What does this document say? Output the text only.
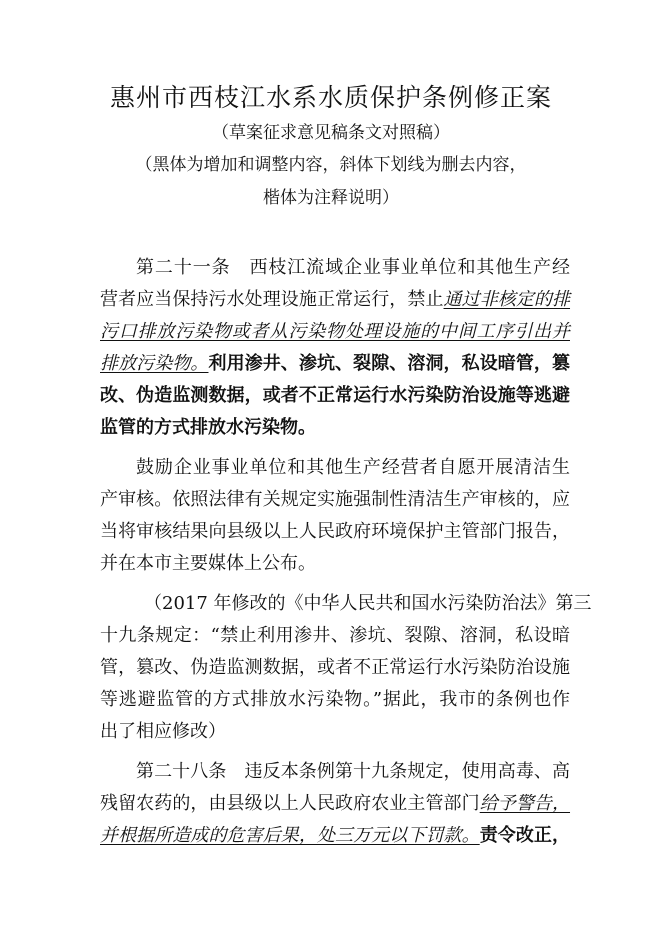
惠州市西枝江水系水质保护条例修正案
（草案征求意见稿条文对照稿）
（黑体为增加和调整内容，斜体下划线为删去内容，
楷体为注释说明）
第二十一条　西枝江流域企业事业单位和其他生产经
营者应当保持污水处理设施正常运行，禁止通过非核定的排
污口排放污染物或者从污染物处理设施的中间工序引出并
排放污染物。利用渗井、渗坑、裂隙、溶洞，私设暗管，篡
改、伪造监测数据，或者不正常运行水污染防治设施等逃避
监管的方式排放水污染物。
鼓励企业事业单位和其他生产经营者自愿开展清洁生
产审核。依照法律有关规定实施强制性清洁生产审核的，应
当将审核结果向县级以上人民政府环境保护主管部门报告，
并在本市主要媒体上公布。
（2017 年修改的《中华人民共和国水污染防治法》第三
十九条规定：“禁止利用渗井、渗坑、裂隙、溶洞，私设暗
管，篡改、伪造监测数据，或者不正常运行水污染防治设施
等逃避监管的方式排放水污染物。”据此，我市的条例也作
出了相应修改）
第二十八条　违反本条例第十九条规定，使用高毒、高
残留农药的，由县级以上人民政府农业主管部门给予警告，
并根据所造成的危害后果，处三万元以下罚款。责令改正，
